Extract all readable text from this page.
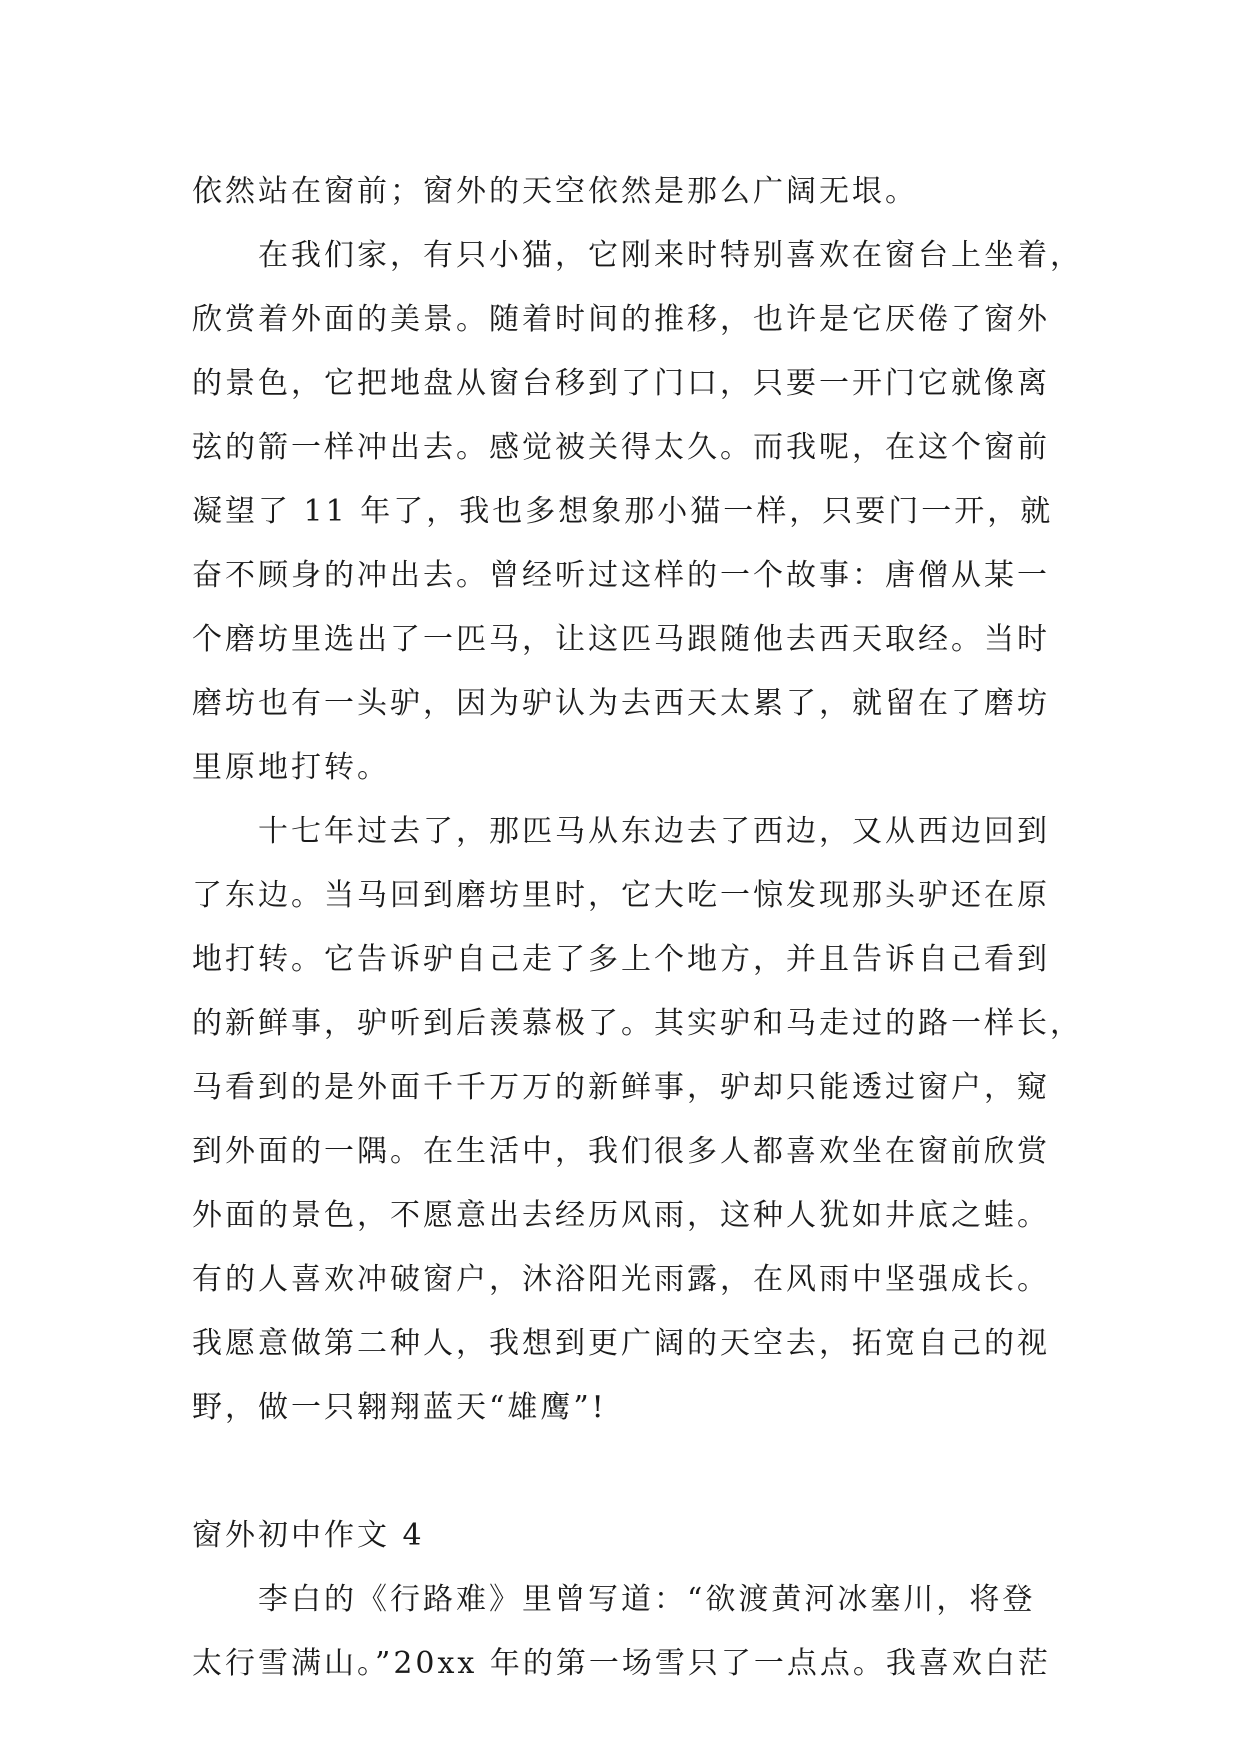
依然站在窗前；窗外的天空依然是那么广阔无垠。
在我们家，有只小猫，它刚来时特别喜欢在窗台上坐着，
欣赏着外面的美景。随着时间的推移，也许是它厌倦了窗外
的景色，它把地盘从窗台移到了门口，只要一开门它就像离
弦的箭一样冲出去。感觉被关得太久。而我呢，在这个窗前
凝望了 11 年了，我也多想象那小猫一样，只要门一开，就
奋不顾身的冲出去。曾经听过这样的一个故事：唐僧从某一
个磨坊里选出了一匹马，让这匹马跟随他去西天取经。当时
磨坊也有一头驴，因为驴认为去西天太累了，就留在了磨坊
里原地打转。
十七年过去了，那匹马从东边去了西边，又从西边回到
了东边。当马回到磨坊里时，它大吃一惊发现那头驴还在原
地打转。它告诉驴自己走了多上个地方，并且告诉自己看到
的新鲜事，驴听到后羡慕极了。其实驴和马走过的路一样长，
马看到的是外面千千万万的新鲜事，驴却只能透过窗户，窥
到外面的一隅。在生活中，我们很多人都喜欢坐在窗前欣赏
外面的景色，不愿意出去经历风雨，这种人犹如井底之蛙。
有的人喜欢冲破窗户，沐浴阳光雨露，在风雨中坚强成长。
我愿意做第二种人，我想到更广阔的天空去，拓宽自己的视
野，做一只翱翔蓝天“雄鹰”!
窗外初中作文 4
李白的《行路难》里曾写道：“欲渡黄河冰塞川，将登
太行雪满山。”20xx 年的第一场雪只了一点点。我喜欢白茫
